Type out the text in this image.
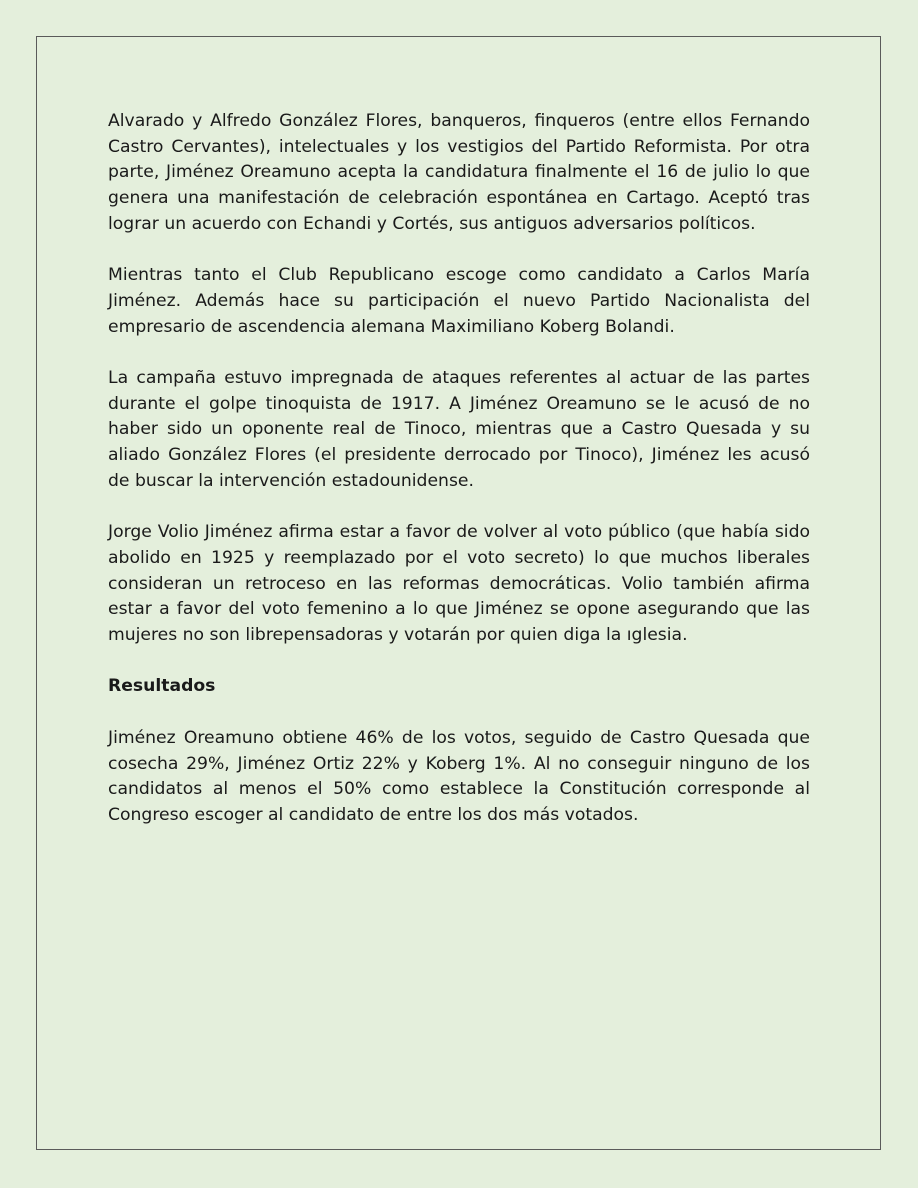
Alvarado y Alfredo González Flores, banqueros, finqueros (entre ellos Fernando Castro Cervantes), intelectuales y los vestigios del Partido Reformista. Por otra parte, Jiménez Oreamuno acepta la candidatura finalmente el 16 de julio lo que genera una manifestación de celebración espontánea en Cartago. Aceptó tras lograr un acuerdo con Echandi y Cortés, sus antiguos adversarios políticos.

Mientras tanto el Club Republicano escoge como candidato a Carlos María Jiménez. Además hace su participación el nuevo Partido Nacionalista del empresario de ascendencia alemana Maximiliano Koberg Bolandi.

La campaña estuvo impregnada de ataques referentes al actuar de las partes durante el golpe tinoquista de 1917. A Jiménez Oreamuno se le acusó de no haber sido un oponente real de Tinoco, mientras que a Castro Quesada y su aliado González Flores (el presidente derrocado por Tinoco), Jiménez les acusó de buscar la intervención estadounidense.

Jorge Volio Jiménez afirma estar a favor de volver al voto público (que había sido abolido en 1925 y reemplazado por el voto secreto) lo que muchos liberales consideran un retroceso en las reformas democráticas. Volio también afirma estar a favor del voto femenino a lo que Jiménez se opone asegurando que las mujeres no son librepensadoras y votarán por quien diga la ıglesia.

Resultados

Jiménez Oreamuno obtiene 46% de los votos, seguido de Castro Quesada que cosecha 29%, Jiménez Ortiz 22% y Koberg 1%. Al no conseguir ninguno de los candidatos al menos el 50% como establece la Constitución corresponde al Congreso escoger al candidato de entre los dos más votados.
